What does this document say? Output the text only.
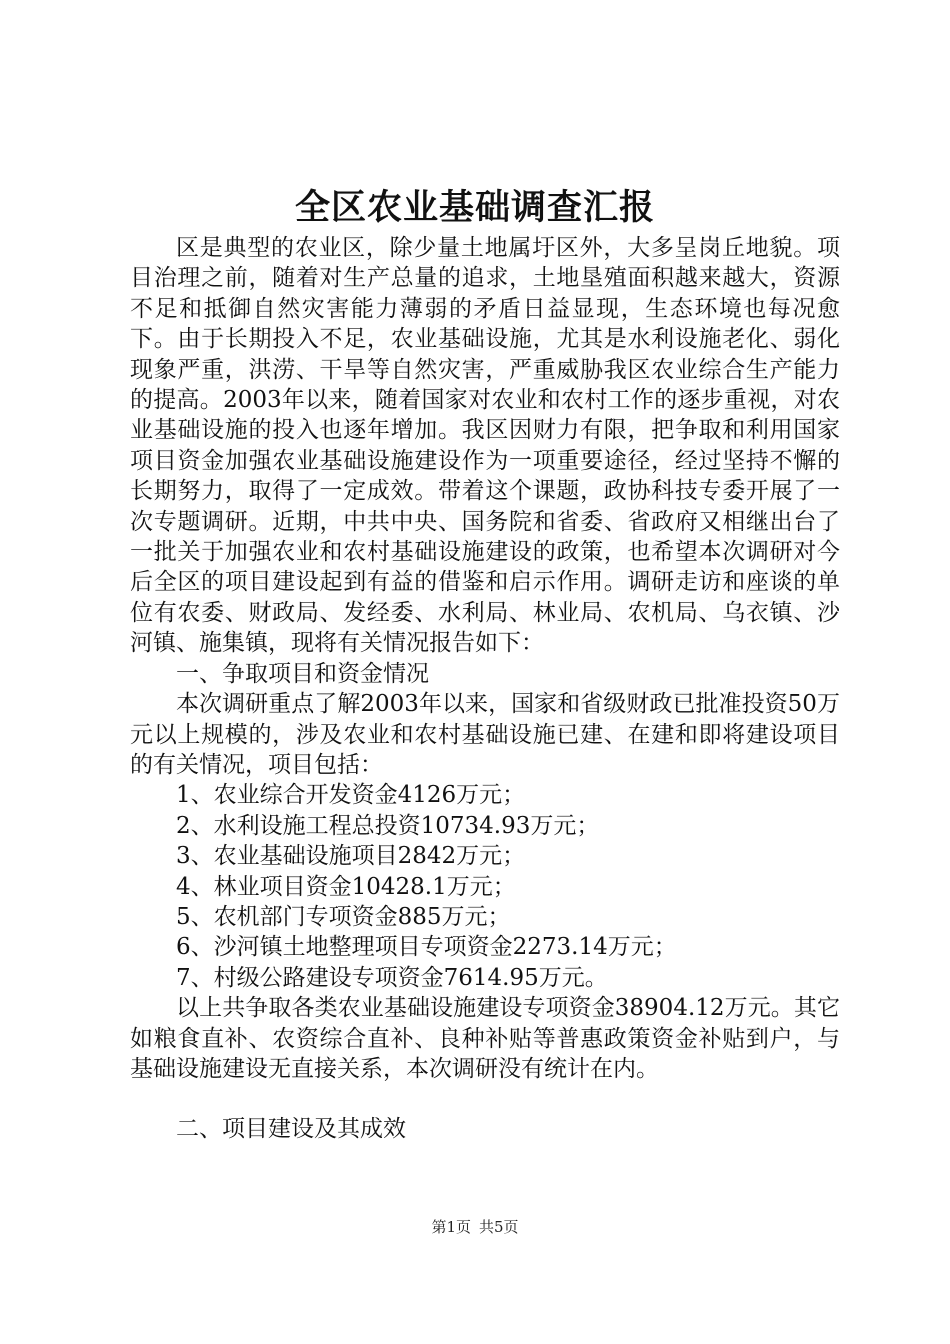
全区农业基础调查汇报

区是典型的农业区，除少量土地属圩区外，大多呈岗丘地貌。项目治理之前，随着对生产总量的追求，土地垦殖面积越来越大，资源不足和抵御自然灾害能力薄弱的矛盾日益显现，生态环境也每况愈下。由于长期投入不足，农业基础设施，尤其是水利设施老化、弱化现象严重，洪涝、干旱等自然灾害，严重威胁我区农业综合生产能力的提高。2003年以来，随着国家对农业和农村工作的逐步重视，对农业基础设施的投入也逐年增加。我区因财力有限，把争取和利用国家项目资金加强农业基础设施建设作为一项重要途径，经过坚持不懈的长期努力，取得了一定成效。带着这个课题，政协科技专委开展了一次专题调研。近期，中共中央、国务院和省委、省政府又相继出台了一批关于加强农业和农村基础设施建设的政策，也希望本次调研对今后全区的项目建设起到有益的借鉴和启示作用。调研走访和座谈的单位有农委、财政局、发经委、水利局、林业局、农机局、乌衣镇、沙河镇、施集镇，现将有关情况报告如下：

一、争取项目和资金情况

本次调研重点了解2003年以来，国家和省级财政已批准投资50万元以上规模的，涉及农业和农村基础设施已建、在建和即将建设项目的有关情况，项目包括：

1、农业综合开发资金4126万元；
2、水利设施工程总投资10734.93万元；
3、农业基础设施项目2842万元；
4、林业项目资金10428.1万元；
5、农机部门专项资金885万元；
6、沙河镇土地整理项目专项资金2273.14万元；
7、村级公路建设专项资金7614.95万元。

以上共争取各类农业基础设施建设专项资金38904.12万元。其它如粮食直补、农资综合直补、良种补贴等普惠政策资金补贴到户，与基础设施建设无直接关系，本次调研没有统计在内。

二、项目建设及其成效

第1页 共5页
